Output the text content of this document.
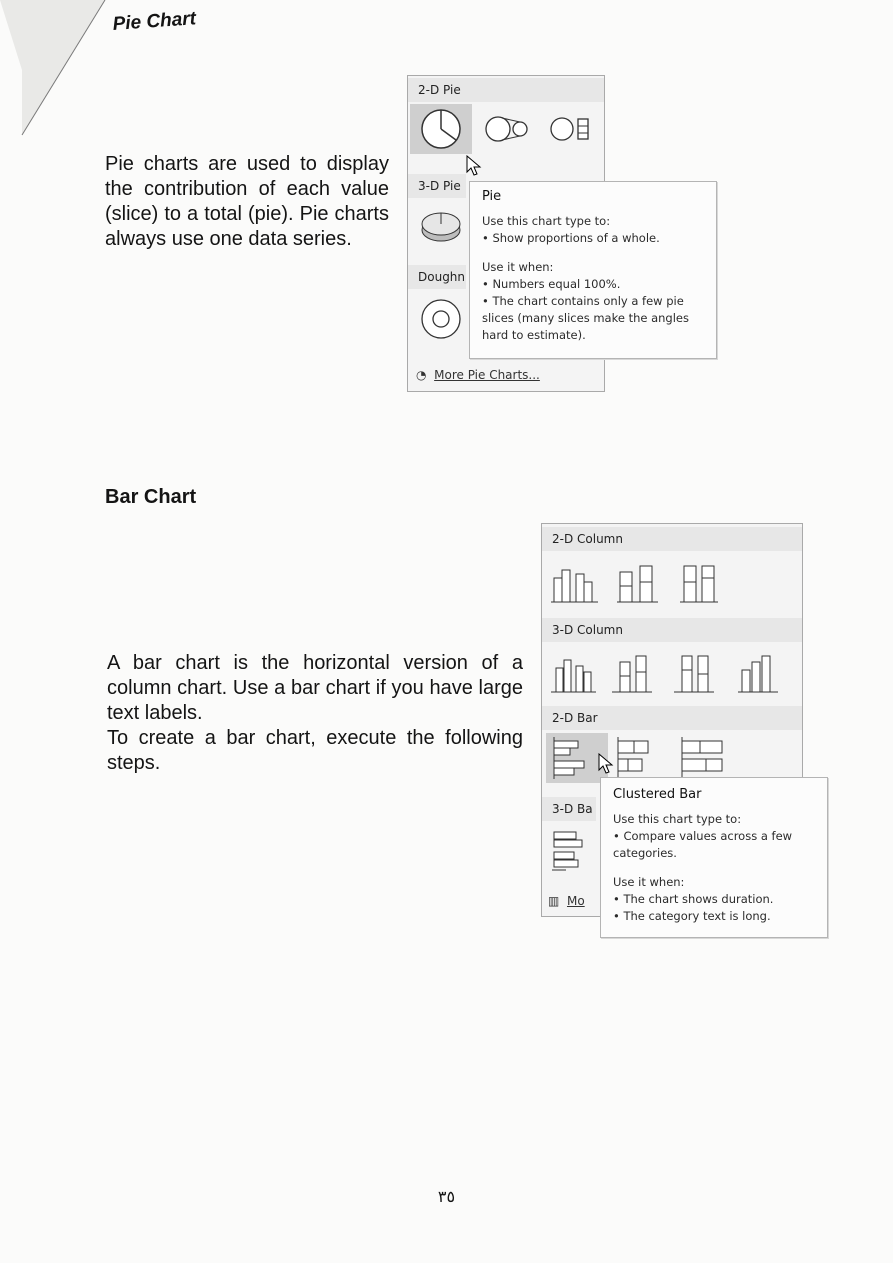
Pie Chart

Pie charts are used to display the contribution of each value (slice) to a total (pie). Pie charts always use one data series.

2-D Pie
3-D Pie
Doughn
◔ More Pie Charts...
Pie
Use this chart type to:
• Show proportions of a whole.
Use it when:
• Numbers equal 100%.
• The chart contains only a few pie slices (many slices make the angles hard to estimate).
Bar Chart

A bar chart is the horizontal version of a column chart. Use a bar chart if you have large text labels.

To create a bar chart, execute the following steps.

2-D Column
3-D Column
2-D Bar
3-D Ba
▥ Mo
Clustered Bar
Use this chart type to:
• Compare values across a few categories.
Use it when:
• The chart shows duration.
• The category text is long.
٣٥
